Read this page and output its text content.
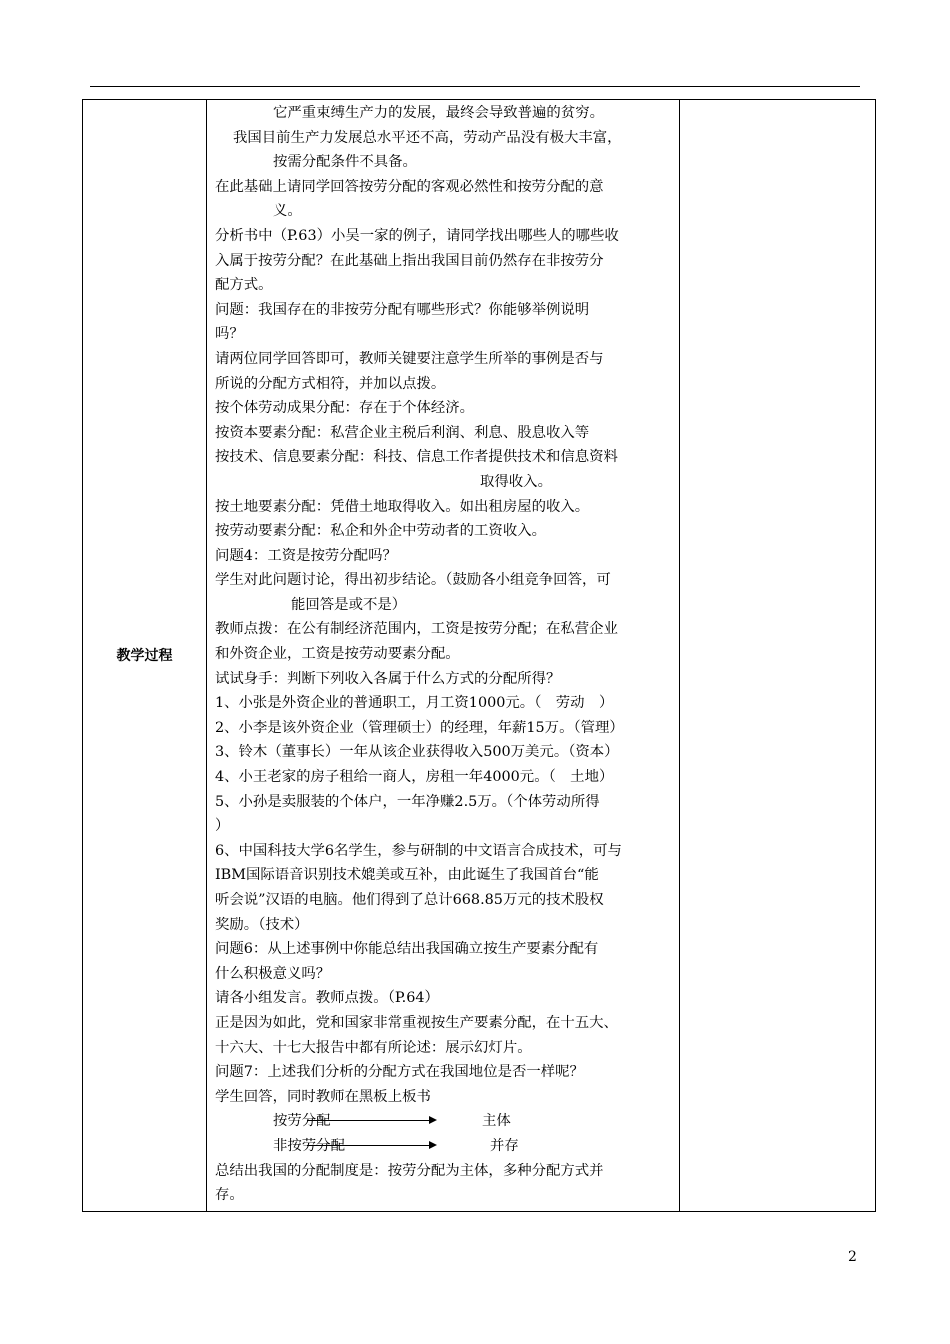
教学过程	
它严重束缚生产力的发展，最终会导致普遍的贫穷。
我国目前生产力发展总水平还不高，劳动产品没有极大丰富，
按需分配条件不具备。
在此基础上请同学回答按劳分配的客观必然性和按劳分配的意
义。
分析书中（P.63）小吴一家的例子，请同学找出哪些人的哪些收
入属于按劳分配？在此基础上指出我国目前仍然存在非按劳分
配方式。
问题：我国存在的非按劳分配有哪些形式？你能够举例说明
吗？
请两位同学回答即可，教师关键要注意学生所举的事例是否与
所说的分配方式相符，并加以点拨。
按个体劳动成果分配：存在于个体经济。
按资本要素分配：私营企业主税后利润、利息、股息收入等
按技术、信息要素分配：科技、信息工作者提供技术和信息资料
取得收入。
按土地要素分配：凭借土地取得收入。如出租房屋的收入。
按劳动要素分配：私企和外企中劳动者的工资收入。
问题4：工资是按劳分配吗？
学生对此问题讨论，得出初步结论。（鼓励各小组竞争回答，可
能回答是或不是）
教师点拨：在公有制经济范围内，工资是按劳分配；在私营企业
和外资企业，工资是按劳动要素分配。
试试身手：判断下列收入各属于什么方式的分配所得？
1、小张是外资企业的普通职工，月工资1000元。（　劳动　）
2、小李是该外资企业（管理硕士）的经理，年薪15万。（管理）
3、铃木（董事长）一年从该企业获得收入500万美元。（资本）
4、小王老家的房子租给一商人，房租一年4000元。（　土地）
5、小孙是卖服装的个体户，一年净赚2.5万。（个体劳动所得
）
6、中国科技大学6名学生，参与研制的中文语言合成技术，可与
IBM国际语音识别技术媲美或互补，由此诞生了我国首台“能
听会说”汉语的电脑。他们得到了总计668.85万元的技术股权
奖励。（技术）
问题6：从上述事例中你能总结出我国确立按生产要素分配有
什么积极意义吗？
请各小组发言。教师点拨。（P.64）
正是因为如此，党和国家非常重视按生产要素分配，在十五大、
十六大、十七大报告中都有所论述：展示幻灯片。
问题7：上述我们分析的分配方式在我国地位是否一样呢？
学生回答，同时教师在黑板上板书
按劳分配	主体
非按劳分配	并存
总结出我国的分配制度是：按劳分配为主体，多种分配方式并
存。

2
